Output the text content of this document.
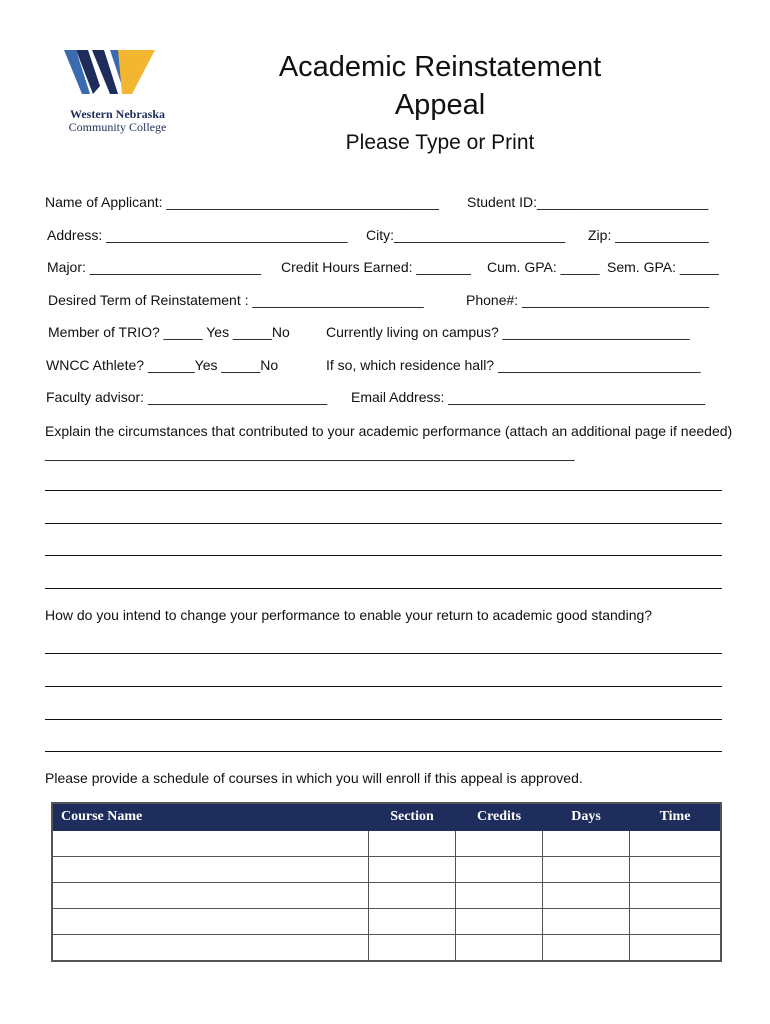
Western Nebraska
Community College
Academic Reinstatement Appeal
Please Type or Print
Name of Applicant: ___________________________________ Student ID:______________________
Address: _______________________________ City:______________________ Zip: ____________
Major: ______________________ Credit Hours Earned: _______ Cum. GPA: _____ Sem. GPA: _____
Desired Term of Reinstatement : ______________________	Phone#: ________________________
Member of TRIO? _____ Yes _____No	Currently living on campus? ________________________
WNCC Athlete? ______Yes _____No	If so, which residence hall? __________________________
Faculty advisor: _______________________ Email Address: _________________________________
Explain the circumstances that contributed to your academic performance (attach an additional page if needed) ____________________________________________________________________
How do you intend to change your performance to enable your return to academic good standing?
Please provide a schedule of courses in which you will enroll if this appeal is approved.
Course Name	Section	Credits	Days	Time
